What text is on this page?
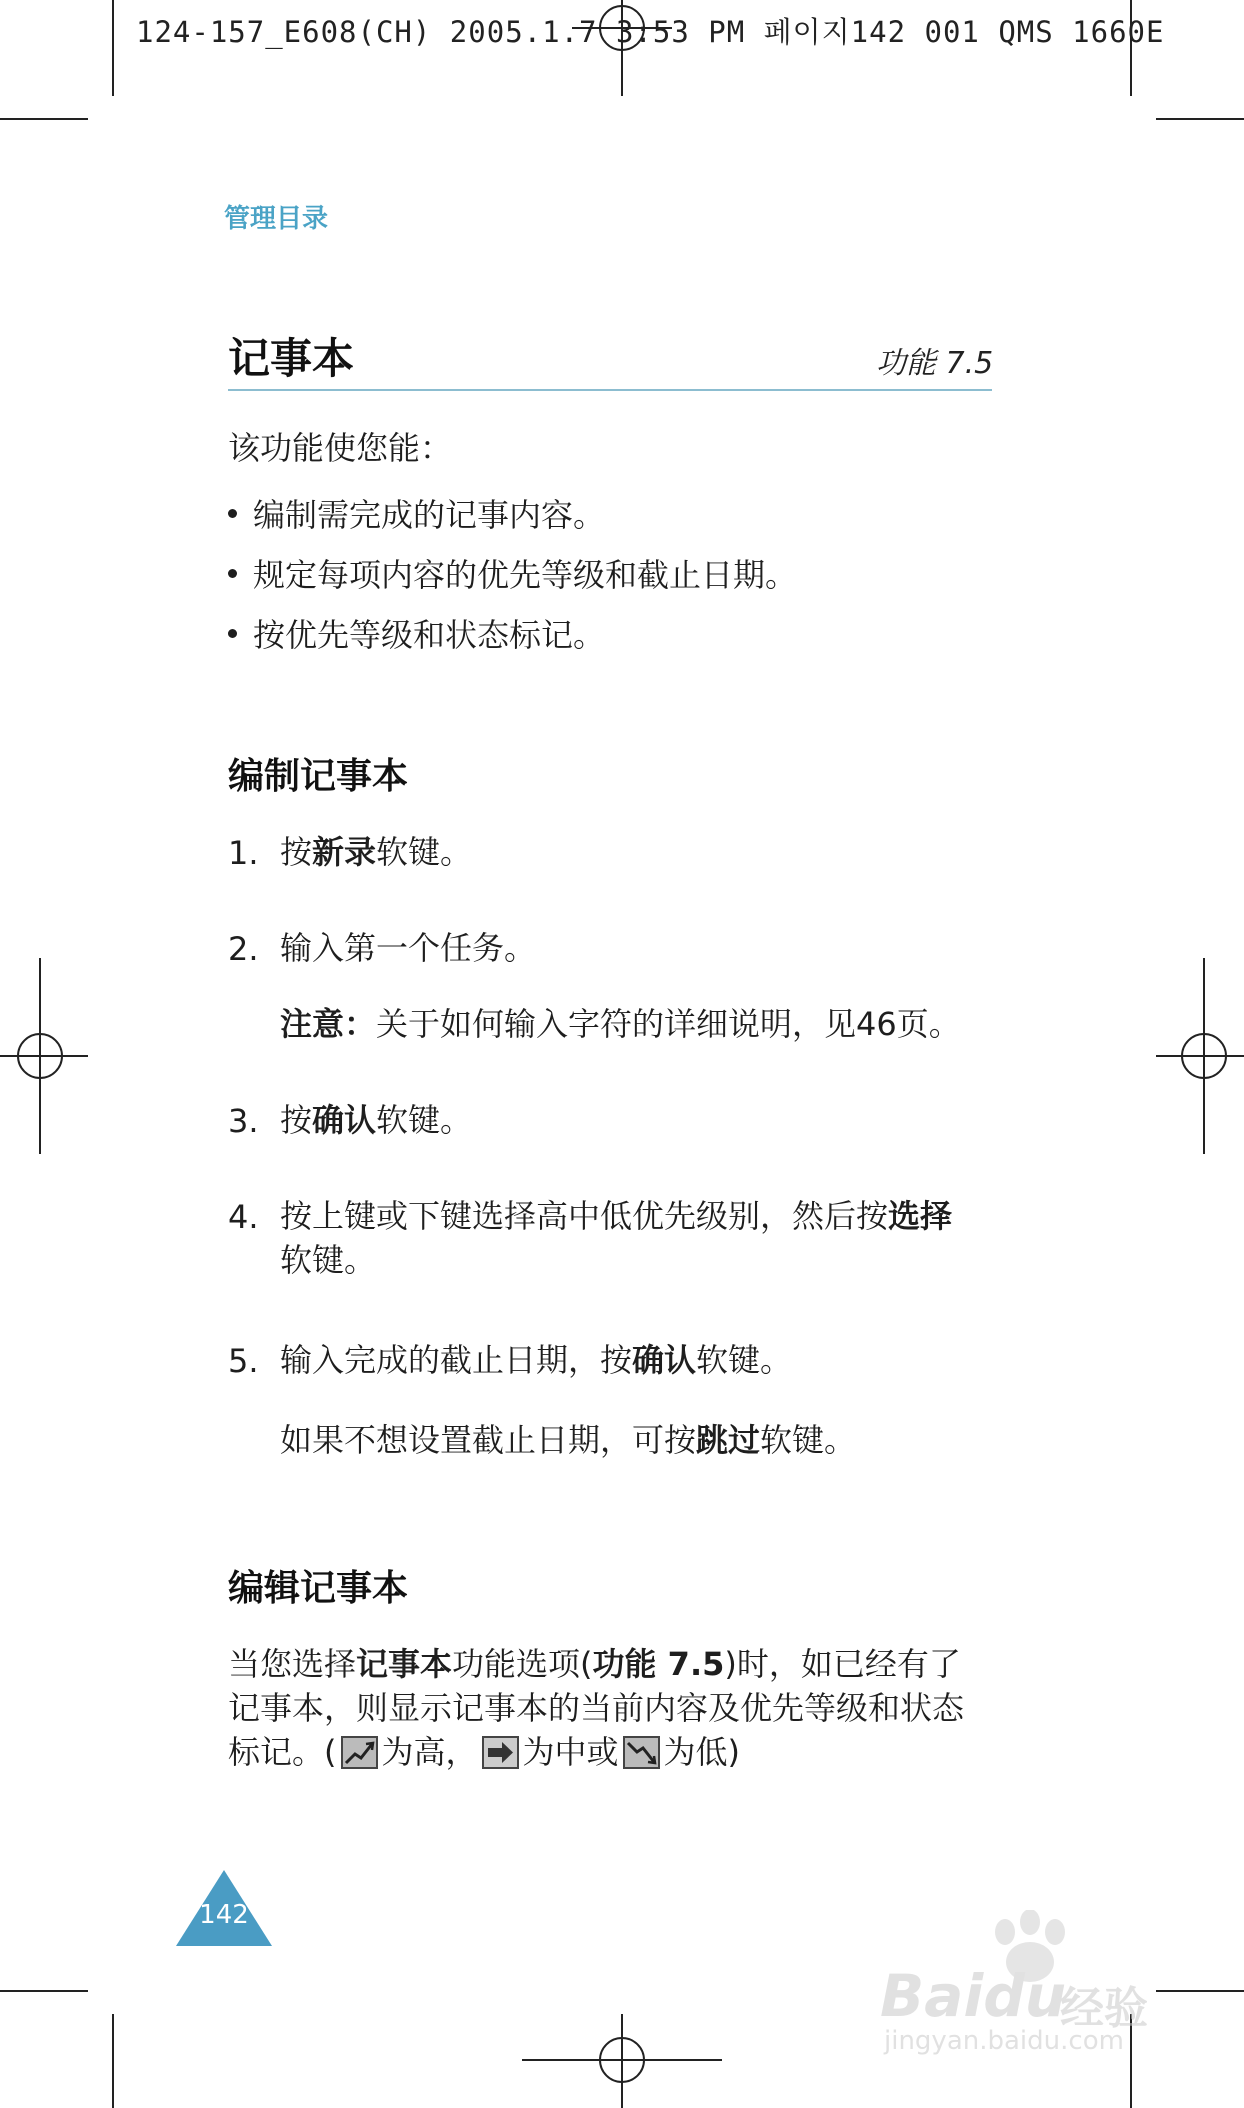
124-157_E608(CH) 2005.1.7 3:53 PM 페이지142 001 QMS 1660E
管理目录
记事本	功能 7.5
该功能使您能：
编制需完成的记事内容。
规定每项内容的优先等级和截止日期。
按优先等级和状态标记。
编制记事本
1. 按新录软键。
2. 输入第一个任务。
注意：关于如何输入字符的详细说明，见46页。
3. 按确认软键。
4. 按上键或下键选择高中低优先级别，然后按选择软键。
5. 输入完成的截止日期，按确认软键。
如果不想设置截止日期，可按跳过软键。
编辑记事本
当您选择记事本功能选项(功能 7.5)时，如已经有了记事本，则显示记事本的当前内容及优先等级和状态标记。( 为高， 为中或 为低)
142
Baidu
经验
jingyan.baidu.com
